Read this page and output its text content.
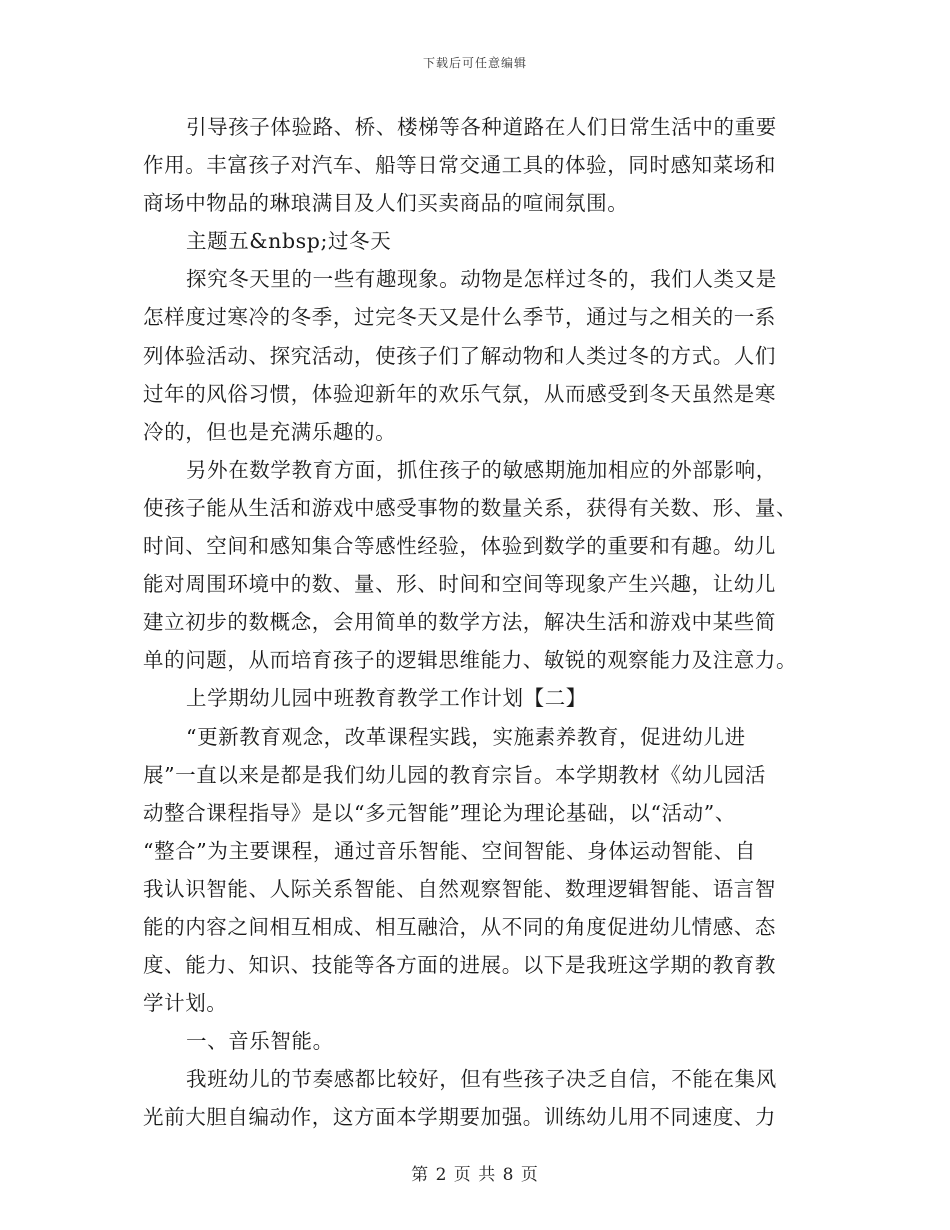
下载后可任意编辑
引导孩子体验路、桥、楼梯等各种道路在人们日常生活中的重要
作用。丰富孩子对汽车、船等日常交通工具的体验，同时感知菜场和
商场中物品的琳琅满目及人们买卖商品的喧闹氛围。
主题五&nbsp;过冬天
探究冬天里的一些有趣现象。动物是怎样过冬的，我们人类又是
怎样度过寒冷的冬季，过完冬天又是什么季节，通过与之相关的一系
列体验活动、探究活动，使孩子们了解动物和人类过冬的方式。人们
过年的风俗习惯，体验迎新年的欢乐气氛，从而感受到冬天虽然是寒
冷的，但也是充满乐趣的。
另外在数学教育方面，抓住孩子的敏感期施加相应的外部影响，
使孩子能从生活和游戏中感受事物的数量关系，获得有关数、形、量、
时间、空间和感知集合等感性经验，体验到数学的重要和有趣。幼儿
能对周围环境中的数、量、形、时间和空间等现象产生兴趣，让幼儿
建立初步的数概念，会用简单的数学方法，解决生活和游戏中某些简
单的问题，从而培育孩子的逻辑思维能力、敏锐的观察能力及注意力。
上学期幼儿园中班教育教学工作计划【二】
“更新教育观念，改革课程实践，实施素养教育，促进幼儿进
展”一直以来是都是我们幼儿园的教育宗旨。本学期教材《幼儿园活
动整合课程指导》是以“多元智能”理论为理论基础，以“活动”、
“整合”为主要课程，通过音乐智能、空间智能、身体运动智能、自
我认识智能、人际关系智能、自然观察智能、数理逻辑智能、语言智
能的内容之间相互相成、相互融洽，从不同的角度促进幼儿情感、态
度、能力、知识、技能等各方面的进展。以下是我班这学期的教育教
学计划。
一、音乐智能。
我班幼儿的节奏感都比较好，但有些孩子决乏自信，不能在集风
光前大胆自编动作，这方面本学期要加强。训练幼儿用不同速度、力
第 2 页 共 8 页
